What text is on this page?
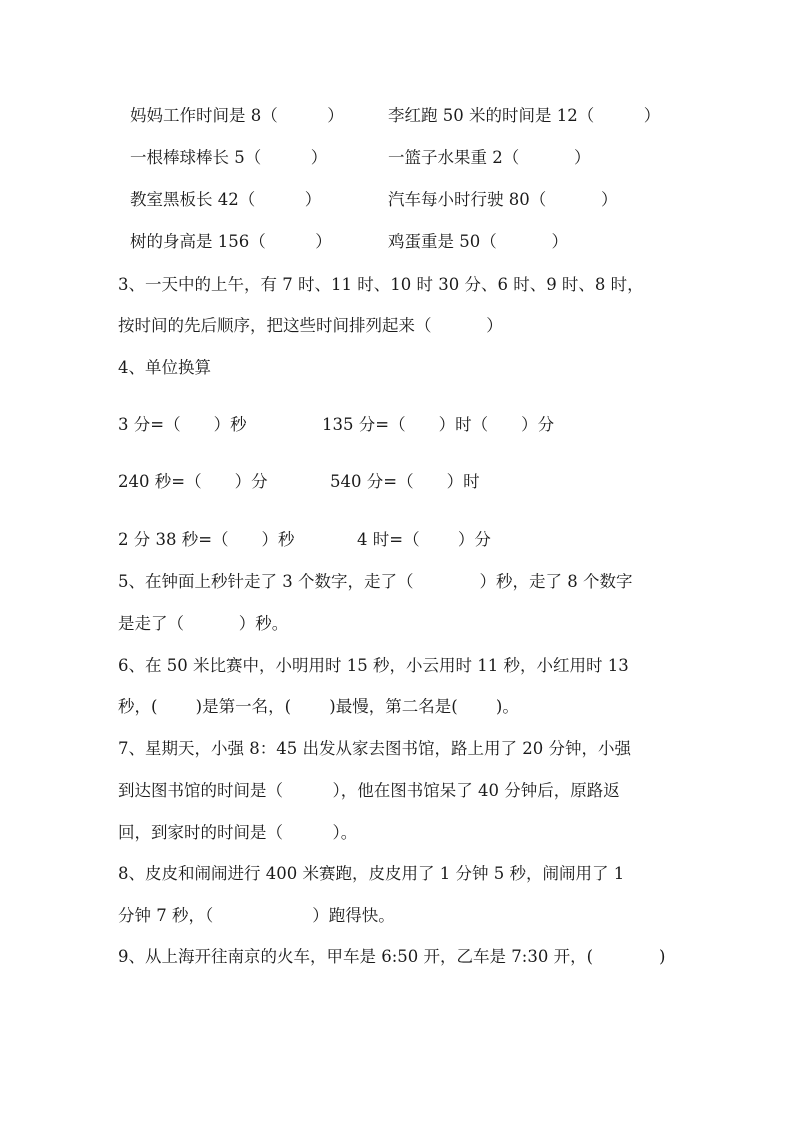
妈妈工作时间是 8（　　　）	李红跑 50 米的时间是 12（　　　）

一根棒球棒长 5（　　　）	一篮子水果重 2（　　　 ）

教室黑板长 42（　　　）	汽车每小时行驶 80（　　　 ）

树的身高是 156（　　　）	鸡蛋重是 50（　　　 ）

3、一天中的上午，有 7 时、11 时、10 时 30 分、6 时、9 时、8 时，

按时间的先后顺序，把这些时间排列起来（　　　 ）

4、单位换算

3 分=（　　）秒	135 分=（　　）时（　　）分

240 秒=（　　）分	540 分=（　　）时

2 分 38 秒=（　　）秒	4 时=（　　 ）分

5、在钟面上秒针走了 3 个数字，走了（　　　　）秒，走了 8 个数字

是走了（　　　 ）秒。

6、在 50 米比赛中，小明用时 15 秒，小云用时 11 秒，小红用时 13

秒，(　　 )是第一名，(　　 )最慢，第二名是(　　 )。

7、星期天，小强 8：45 出发从家去图书馆，路上用了 20 分钟，小强

到达图书馆的时间是（　　　），他在图书馆呆了 40 分钟后，原路返

回，到家时的时间是（　　　）。

8、皮皮和闹闹进行 400 米赛跑，皮皮用了 1 分钟 5 秒，闹闹用了 1

分钟 7 秒，（　　　　　　）跑得快。

9、从上海开往南京的火车，甲车是 6:50 开，乙车是 7:30 开，(　　　　)
